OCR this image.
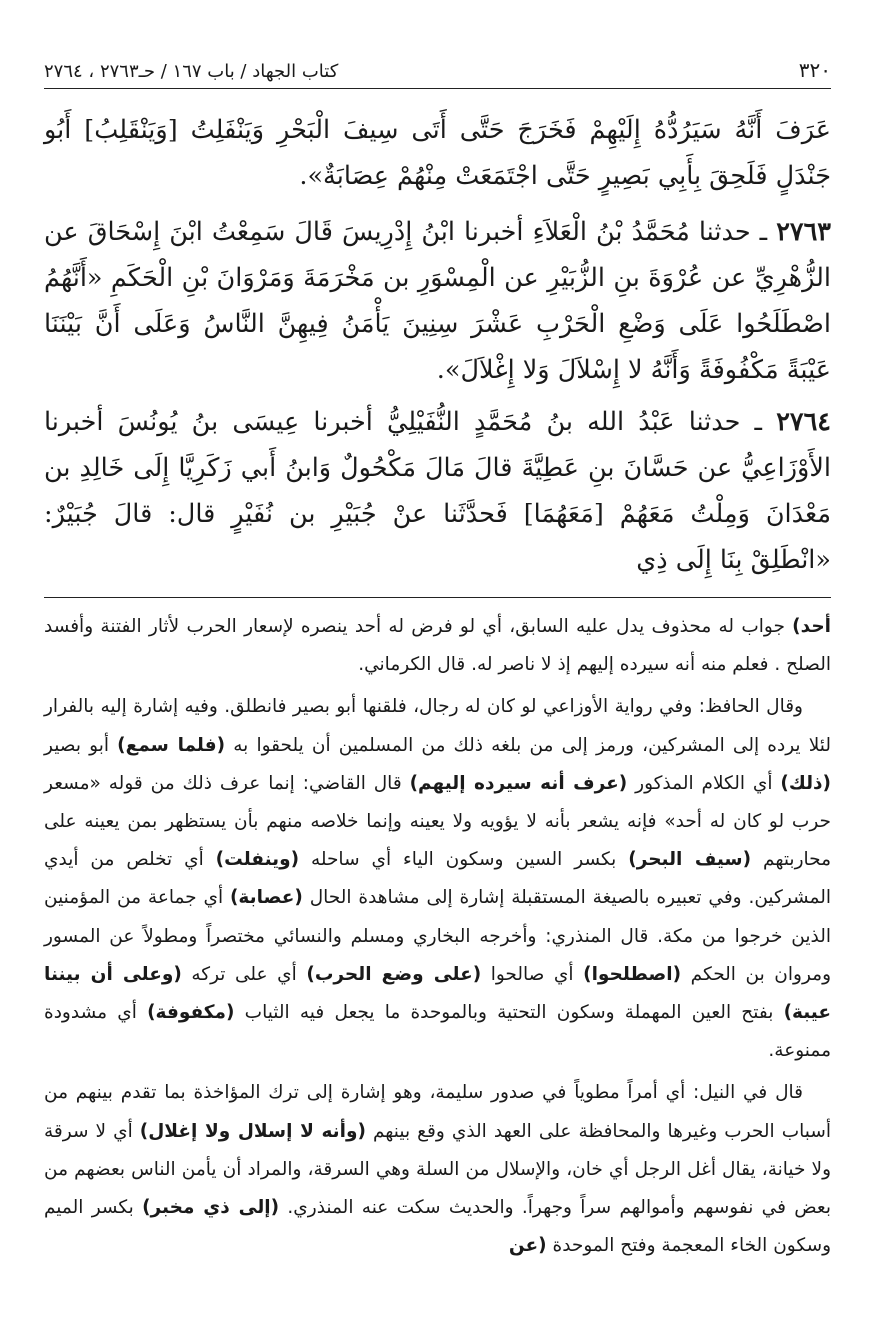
٣٢٠
كتاب الجهاد / باب ١٦٧ / حـ٢٧٦٣ ، ٢٧٦٤

عَرَفَ أَنَّهُ سَيَرُدُّهُ إِلَيْهِمْ فَخَرَجَ حَتَّى أَتَى سِيفَ الْبَحْرِ وَيَنْفَلِتُ [وَيَنْقَلِبُ] أَبُو جَنْدَلٍ فَلَحِقَ بِأَبِي بَصِيرٍ حَتَّى اجْتَمَعَتْ مِنْهُمْ عِصَابَةٌ».

٢٧٦٣ ـ حدثنا مُحَمَّدُ بْنُ الْعَلاَءِ أخبرنا ابْنُ إِدْرِيسَ قَالَ سَمِعْتُ ابْنَ إِسْحَاقَ عن الزُّهْرِيِّ عن عُرْوَةَ بنِ الزُّبَيْرِ عن الْمِسْوَرِ بن مَخْرَمَةَ وَمَرْوَانَ بْنِ الْحَكَمِ «أَنَّهُمُ اصْطَلَحُوا عَلَى وَضْعِ الْحَرْبِ عَشْرَ سِنِينَ يَأْمَنُ فِيهِنَّ النَّاسُ وَعَلَى أَنَّ بَيْنَنَا عَيْبَةً مَكْفُوفَةً وَأَنَّهُ لا إِسْلاَلَ وَلا إِغْلاَلَ».

٢٧٦٤ ـ حدثنا عَبْدُ الله بنُ مُحَمَّدٍ النُّفَيْلِيُّ أخبرنا عِيسَى بنُ يُونُسَ أخبرنا الأَوْزَاعِيُّ عن حَسَّانَ بنِ عَطِيَّةَ قالَ مَالَ مَكْحُولٌ وَابنُ أَبي زَكَرِيَّا إِلَى خَالِدِ بن مَعْدَانَ وَمِلْتُ مَعَهُمْ [مَعَهُمَا] فَحدَّثَنا عنْ جُبَيْرِ بن نُفَيْرٍ قال: قالَ جُبَيْرٌ: «انْطَلِقْ بِنَا إِلَى ذِي

أحد) جواب له محذوف يدل عليه السابق، أي لو فرض له أحد ينصره لإسعار الحرب لأثار الفتنة وأفسد الصلح . فعلم منه أنه سيرده إليهم إذ لا ناصر له. قال الكرماني.

وقال الحافظ: وفي رواية الأوزاعي لو كان له رجال، فلقنها أبو بصير فانطلق. وفيه إشارة إليه بالفرار لئلا يرده إلى المشركين، ورمز إلى من بلغه ذلك من المسلمين أن يلحقوا به (فلما سمع) أبو بصير (ذلك) أي الكلام المذكور (عرف أنه سيرده إليهم) قال القاضي: إنما عرف ذلك من قوله «مسعر حرب لو كان له أحد» فإنه يشعر بأنه لا يؤويه ولا يعينه وإنما خلاصه منهم بأن يستظهر بمن يعينه على محاربتهم (سيف البحر) بكسر السين وسكون الياء أي ساحله (وينفلت) أي تخلص من أيدي المشركين. وفي تعبيره بالصيغة المستقبلة إشارة إلى مشاهدة الحال (عصابة) أي جماعة من المؤمنين الذين خرجوا من مكة. قال المنذري: وأخرجه البخاري ومسلم والنسائي مختصراً ومطولاً عن المسور ومروان بن الحكم (اصطلحوا) أي صالحوا (على وضع الحرب) أي على تركه (وعلى أن بيننا عيبة) بفتح العين المهملة وسكون التحتية وبالموحدة ما يجعل فيه الثياب (مكفوفة) أي مشدودة ممنوعة.

قال في النيل: أي أمراً مطوياً في صدور سليمة، وهو إشارة إلى ترك المؤاخذة بما تقدم بينهم من أسباب الحرب وغيرها والمحافظة على العهد الذي وقع بينهم (وأنه لا إسلال ولا إغلال) أي لا سرقة ولا خيانة، يقال أغل الرجل أي خان، والإسلال من السلة وهي السرقة، والمراد أن يأمن الناس بعضهم من بعض في نفوسهم وأموالهم سراً وجهراً. والحديث سكت عنه المنذري. (إلى ذي مخبر) بكسر الميم وسكون الخاء المعجمة وفتح الموحدة (عن
